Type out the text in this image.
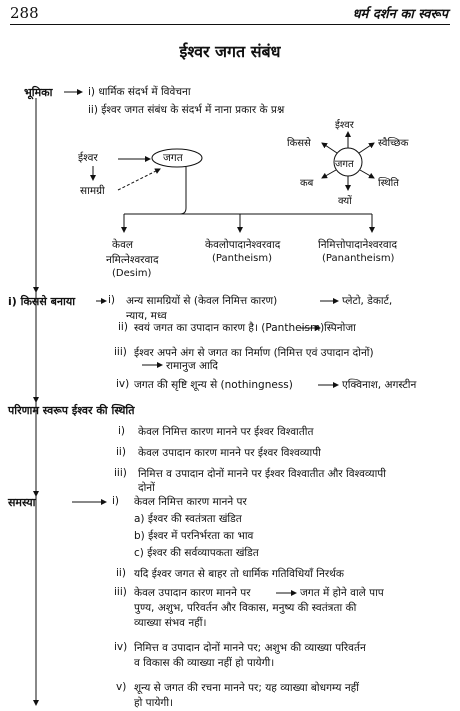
288	धर्म दर्शन का स्वरूप
ईश्वर जगत संबंध
भूमिका	i) धार्मिक संदर्भ में विवेचना
ii) ईश्वर जगत संबंध के संदर्भ में नाना प्रकार के प्रश्न
ईश्वर	जगत
सामग्री
जगत
ईश्वर
किससे	स्वैच्छिक
कब	स्थिति
क्यों
केवल
नमित्नेश्वरवाद
(Desim)
केवलोपादानेश्वरवाद
(Pantheism)
निमित्तोपादानेश्वरवाद
(Panantheism)
i) किससे बनाया	i) अन्य सामग्रियों से (केवल निमित्त कारण)	प्लेटो, डेकार्ट,
न्याय, मध्व
ii) स्वयं जगत का उपादान कारण है। (Pantheism) स्पिनोजा
iii) ईश्वर अपने अंग से जगत का निर्माण (निमित्त एवं उपादान दोनों)
रामानुज आदि
iv) जगत की सृष्टि शून्य से (nothingness)	एक्विनाश, अगस्टीन
परिणाम स्वरूप ईश्वर की स्थिति
i) केवल निमित्त कारण मानने पर ईश्वर विश्वातीत
ii) केवल उपादान कारण मानने पर ईश्वर विश्वव्यापी
iii) निमित्त व उपादान दोनों मानने पर ईश्वर विश्वातीत और विश्वव्यापी
दोनों
समस्या	i) केवल निमित्त कारण मानने पर
a) ईश्वर की स्वतंत्रता खंडित
b) ईश्वर में परनिर्भरता का भाव
c) ईश्वर की सर्वव्यापकता खंडित
ii) यदि ईश्वर जगत से बाहर तो धार्मिक गतिविधियाँ निरर्थक
iii) केवल उपादान कारण मानने पर	जगत में होने वाले पाप
पुण्य, अशुभ, परिवर्तन और विकास, मनुष्य की स्वतंत्रता की
व्याख्या संभव नहीं।
iv) निमित्त व उपादान दोनों मानने पर; अशुभ की व्याख्या परिवर्तन
व विकास की व्याख्या नहीं हो पायेगी।
v) शून्य से जगत की रचना मानने पर; यह व्याख्या बोधगम्य नहीं
हो पायेगी।
